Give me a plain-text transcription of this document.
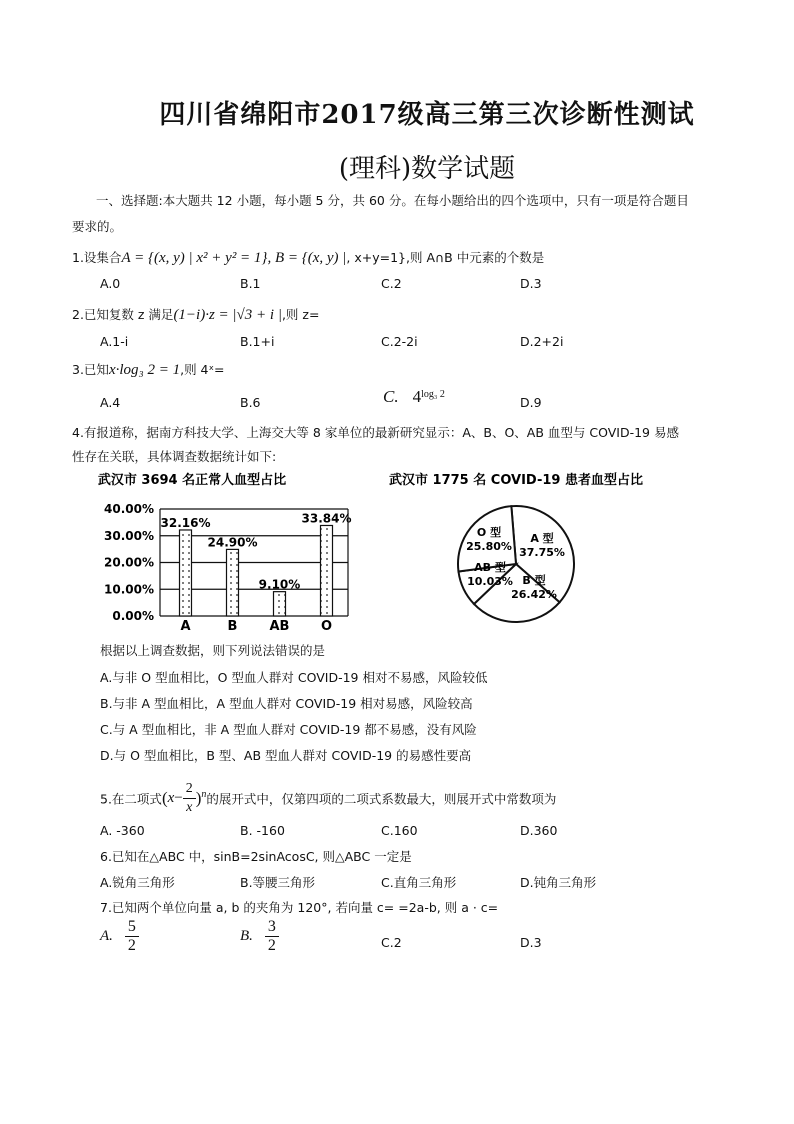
四川省绵阳市2017级高三第三次诊断性测试
(理科)数学试题
一、选择题:本大题共 12 小题，每小题 5 分，共 60 分。在每小题给出的四个选项中，只有一项是符合题目
要求的。
1.设集合A = {(x, y) | x² + y² = 1}, B = {(x, y) |, x+y=1},则 A∩B 中元素的个数是
A.0	B.1	C.2	D.3
2.已知复数 z 满足(1−i)·z = |√3 + i |,则 z=
A.1-i	B.1+i	C.2-2i	D.2+2i
3.已知x·log₃ 2 = 1,则 4ˣ=
A.4	B.6	C. $4^{log_3 2}$
D.9
4.有报道称，据南方科技大学、上海交大等 8 家单位的最新研究显示：A、B、O、AB 血型与 COVID-19 易感
性存在关联，具体调查数据统计如下:
武汉市 3694 名正常人血型占比
0.00%
10.00%
20.00%
30.00%
40.00%
32.16%
24.90%
9.10%
33.84%
A	B AB O
武汉市 1775 名 COVID-19 患者血型占比
A 型
37.75%
B 型
26.42%
AB 型
10.03%
O 型
25.80%
根据以上调查数据，则下列说法错误的是
A.与非 O 型血相比，O 型血人群对 COVID-19 相对不易感，风险较低
B.与非 A 型血相比，A 型血人群对 COVID-19 相对易感，风险较高
C.与 A 型血相比，非 A 型血人群对 COVID-19 都不易感，没有风险
D.与 O 型血相比，B 型、AB 型血人群对 COVID-19 的易感性要高
5.在二项式$(x- \frac{2}{x} )^n$的展开式中，仅第四项的二项式系数最大，则展开式中常数项为
A. -360	B. -160	C.160	D.360
6.已知在△ABC 中，sinB=2sinAcosC, 则△ABC 一定是
A.锐角三角形	B.等腰三角形	C.直角三角形	D.钝角三角形
7.已知两个单位向量 a, b 的夹角为 120°, 若向量 c= =2a-b, 则 a · c=
A. $\frac{5}{2}$	B. $\frac{3}{2}$	C.2	D.3
